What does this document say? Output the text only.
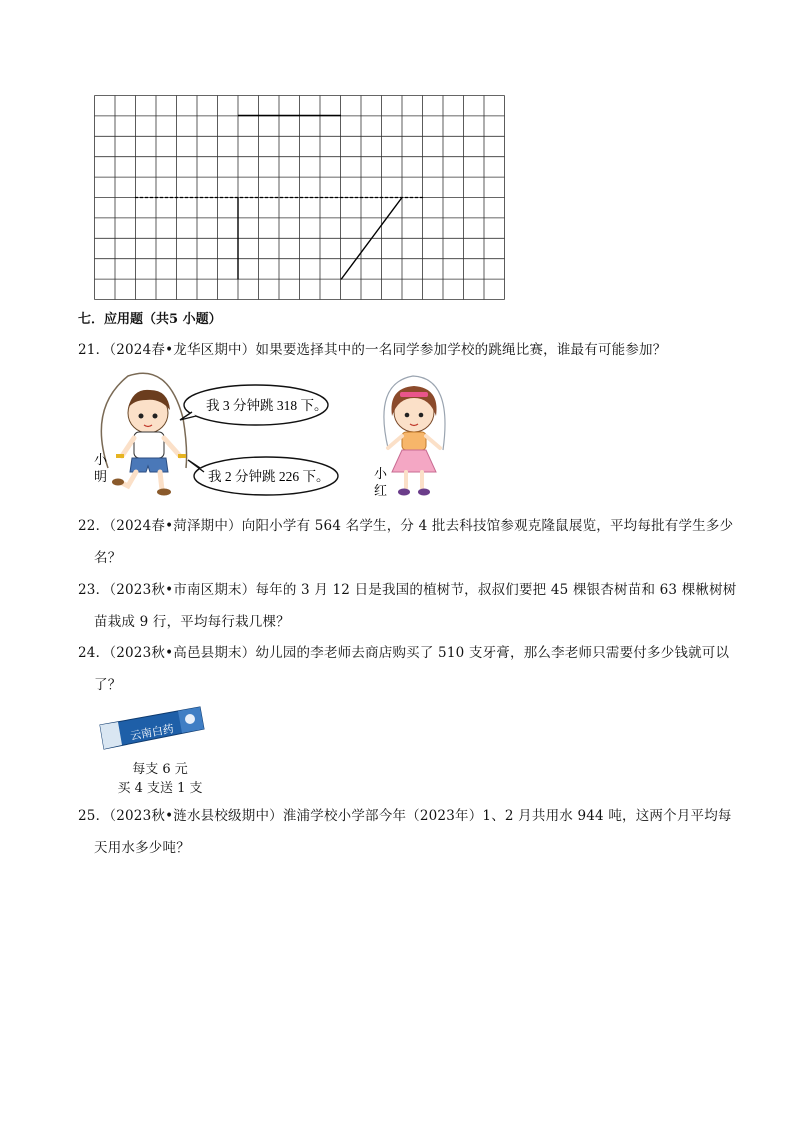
七．应用题（共5 小题）
21．（2024春•龙华区期中）如果要选择其中的一名同学参加学校的跳绳比赛，谁最有可能参加？
小
明
我 3 分钟跳 318 下。
我 2 分钟跳 226 下。	小
红
22．（2024春•菏泽期中）向阳小学有 564 名学生，分 4 批去科技馆参观克隆鼠展览，平均每批有学生多少
名？
23．（2023秋•市南区期末）每年的 3 月 12 日是我国的植树节，叔叔们要把 45 棵银杏树苗和 63 棵楸树树
苗栽成 9 行，平均每行栽几棵？
24．（2023秋•高邑县期末）幼儿园的李老师去商店购买了 510 支牙膏，那么李老师只需要付多少钱就可以
了？
云南白药
每支 6 元
买 4 支送 1 支
25．（2023秋•涟水县校级期中）淮浦学校小学部今年（2023年）1、2 月共用水 944 吨，这两个月平均每
天用水多少吨？
